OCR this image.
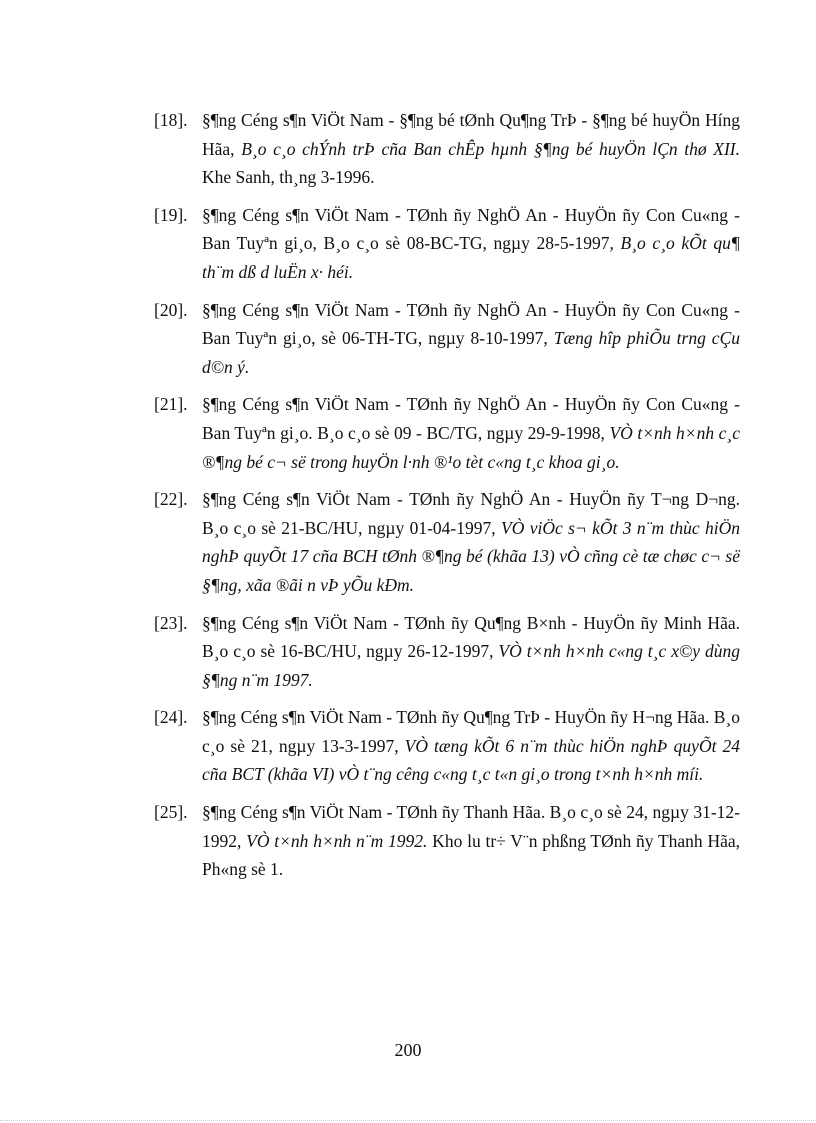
[18]. §¶ng Céng s¶n ViÖt Nam - §¶ng bé tØnh Qu¶ng TrÞ - §¶ng bé huyÖn Híng Hãa, B¸o c¸o chÝnh trÞ cña Ban chÊp hµnh §¶ng bé huyÖn lÇn thø XII. Khe Sanh, th¸ng 3-1996.
[19]. §¶ng Céng s¶n ViÖt Nam - TØnh ñy NghÖ An - HuyÖn ñy Con Cu«ng - Ban Tuyªn gi¸o, B¸o c¸o sè 08-BC-TG, ngµy 28-5-1997, B¸o c¸o kÕt qu¶ th¨m dß d luËn x· héi.
[20]. §¶ng Céng s¶n ViÖt Nam - TØnh ñy NghÖ An - HuyÖn ñy Con Cu«ng - Ban Tuyªn gi¸o, sè 06-TH-TG, ngµy 8-10-1997, Tæng hîp phiÕu trng cÇu d©n ý.
[21]. §¶ng Céng s¶n ViÖt Nam - TØnh ñy NghÖ An - HuyÖn ñy Con Cu«ng - Ban Tuyªn gi¸o. B¸o c¸o sè 09 - BC/TG, ngµy 29-9-1998, VÒ t×nh h×nh c¸c ®¶ng bé c¬ së trong huyÖn l·nh ®¹o tèt c«ng t¸c khoa gi¸o.
[22]. §¶ng Céng s¶n ViÖt Nam - TØnh ñy NghÖ An - HuyÖn ñy T¬ng D¬ng. B¸o c¸o sè 21-BC/HU, ngµy 01-04-1997, VÒ viÖc s¬ kÕt 3 n¨m thùc hiÖn nghÞ quyÕt 17 cña BCH tØnh ®¶ng bé (khãa 13) vÒ cñng cè tæ chøc c¬ së §¶ng, xãa ®ãi n vÞ yÕu kÐm.
[23]. §¶ng Céng s¶n ViÖt Nam - TØnh ñy Qu¶ng B×nh - HuyÖn ñy Minh Hãa. B¸o c¸o sè 16-BC/HU, ngµy 26-12-1997, VÒ t×nh h×nh c«ng t¸c x©y dùng §¶ng n¨m 1997.
[24]. §¶ng Céng s¶n ViÖt Nam - TØnh ñy Qu¶ng TrÞ - HuyÖn ñy H¬ng Hãa. B¸o c¸o sè 21, ngµy 13-3-1997, VÒ tæng kÕt 6 n¨m thùc hiÖn nghÞ quyÕt 24 cña BCT (khãa VI) vÒ t¨ng cêng c«ng t¸c t«n gi¸o trong t×nh h×nh míi.
[25]. §¶ng Céng s¶n ViÖt Nam - TØnh ñy Thanh Hãa. B¸o c¸o sè 24, ngµy 31-12-1992, VÒ t×nh h×nh n¨m 1992. Kho lu tr÷ V¨n phßng TØnh ñy Thanh Hãa, Ph«ng sè 1.
200
